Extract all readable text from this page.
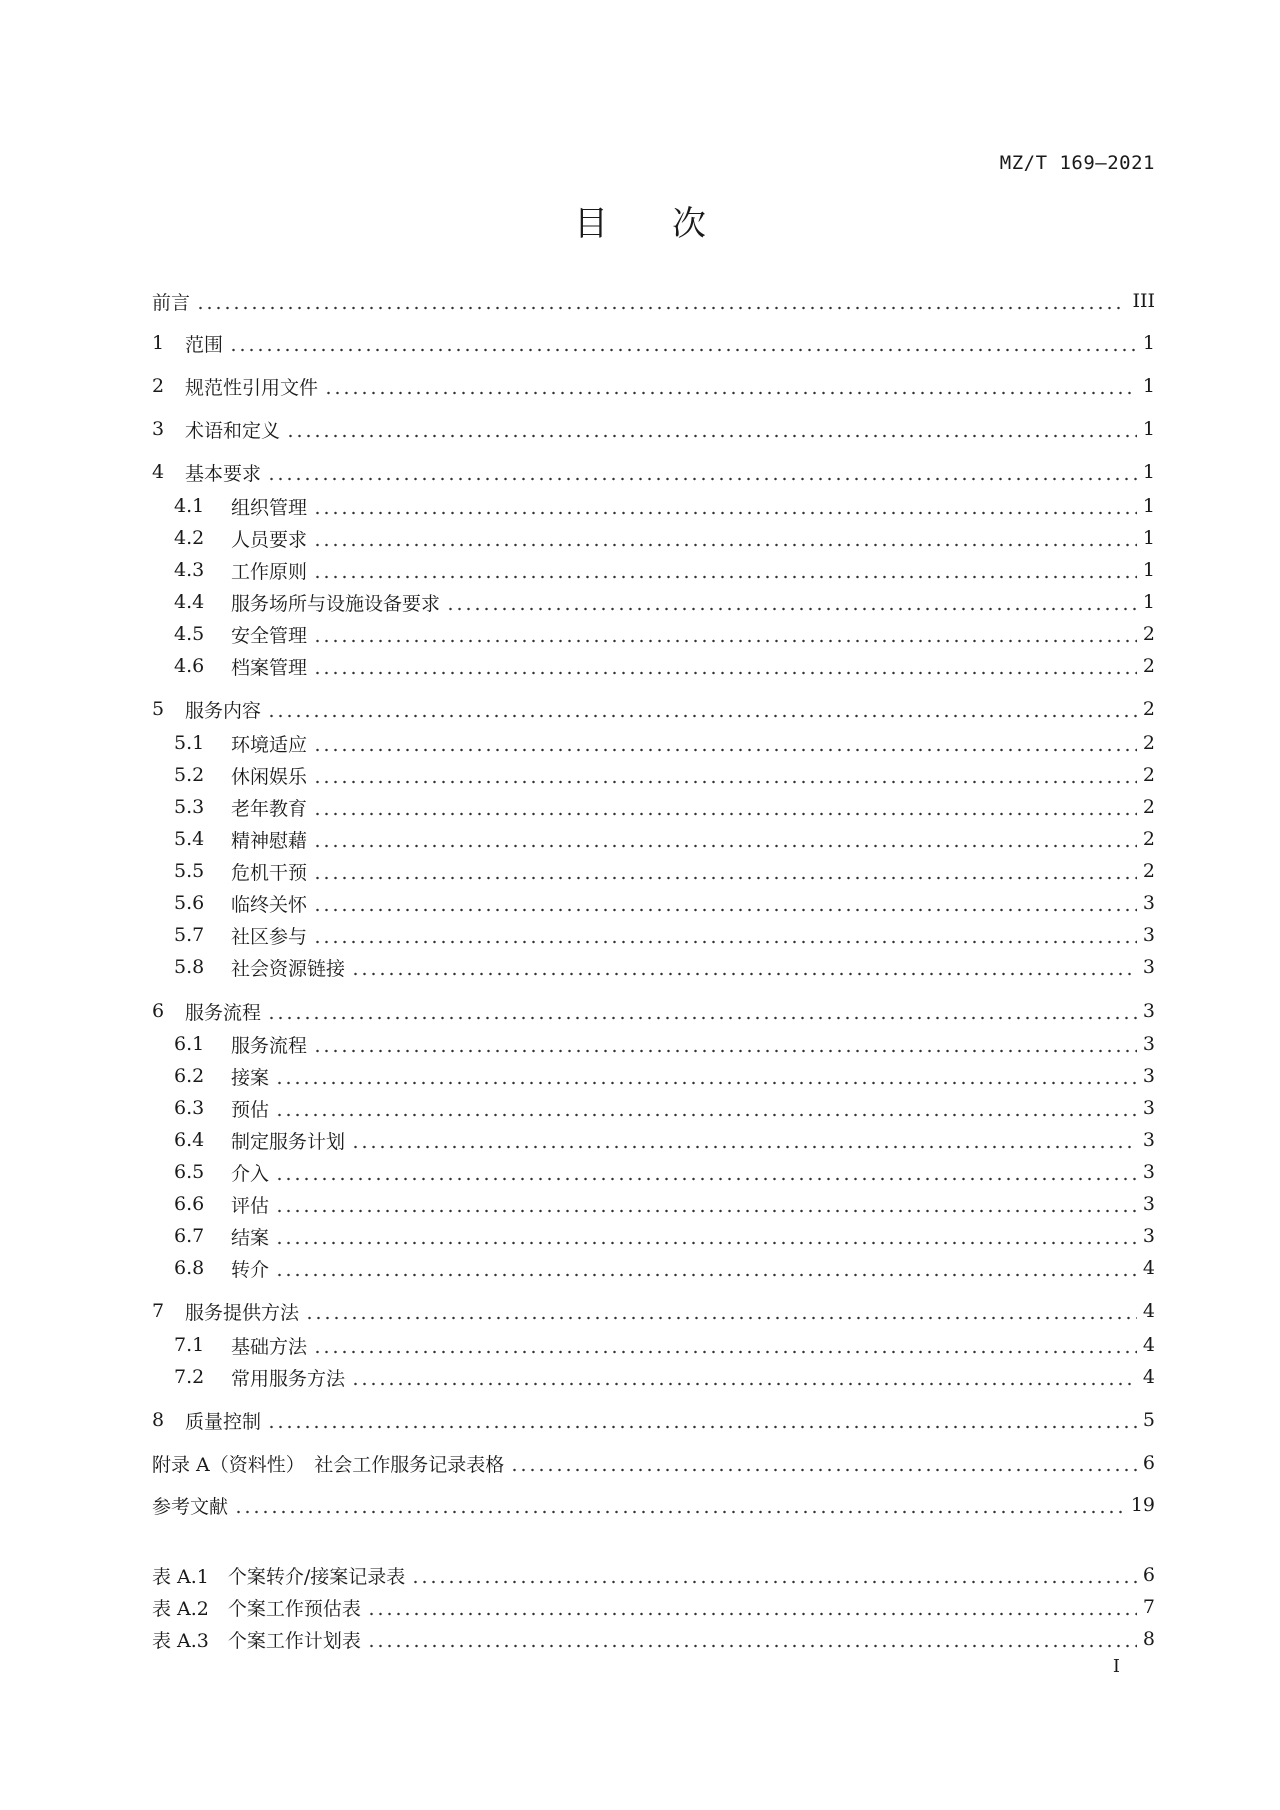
MZ/T 169—2021
目次
前言	III
1	范围	1
2	规范性引用文件	1
3	术语和定义	1
4	基本要求	1
4.1	组织管理	1
4.2	人员要求	1
4.3	工作原则	1
4.4	服务场所与设施设备要求	1
4.5	安全管理	2
4.6	档案管理	2
5	服务内容	2
5.1	环境适应	2
5.2	休闲娱乐	2
5.3	老年教育	2
5.4	精神慰藉	2
5.5	危机干预	2
5.6	临终关怀	3
5.7	社区参与	3
5.8	社会资源链接	3
6	服务流程	3
6.1	服务流程	3
6.2	接案	3
6.3	预估	3
6.4	制定服务计划	3
6.5	介入	3
6.6	评估	3
6.7	结案	3
6.8	转介	4
7	服务提供方法	4
7.1	基础方法	4
7.2	常用服务方法	4
8	质量控制	5
附录 A（资料性）　社会工作服务记录表格	6
参考文献	19
表 A.1　个案转介/接案记录表	6
表 A.2　个案工作预估表	7
表 A.3　个案工作计划表	8
I
